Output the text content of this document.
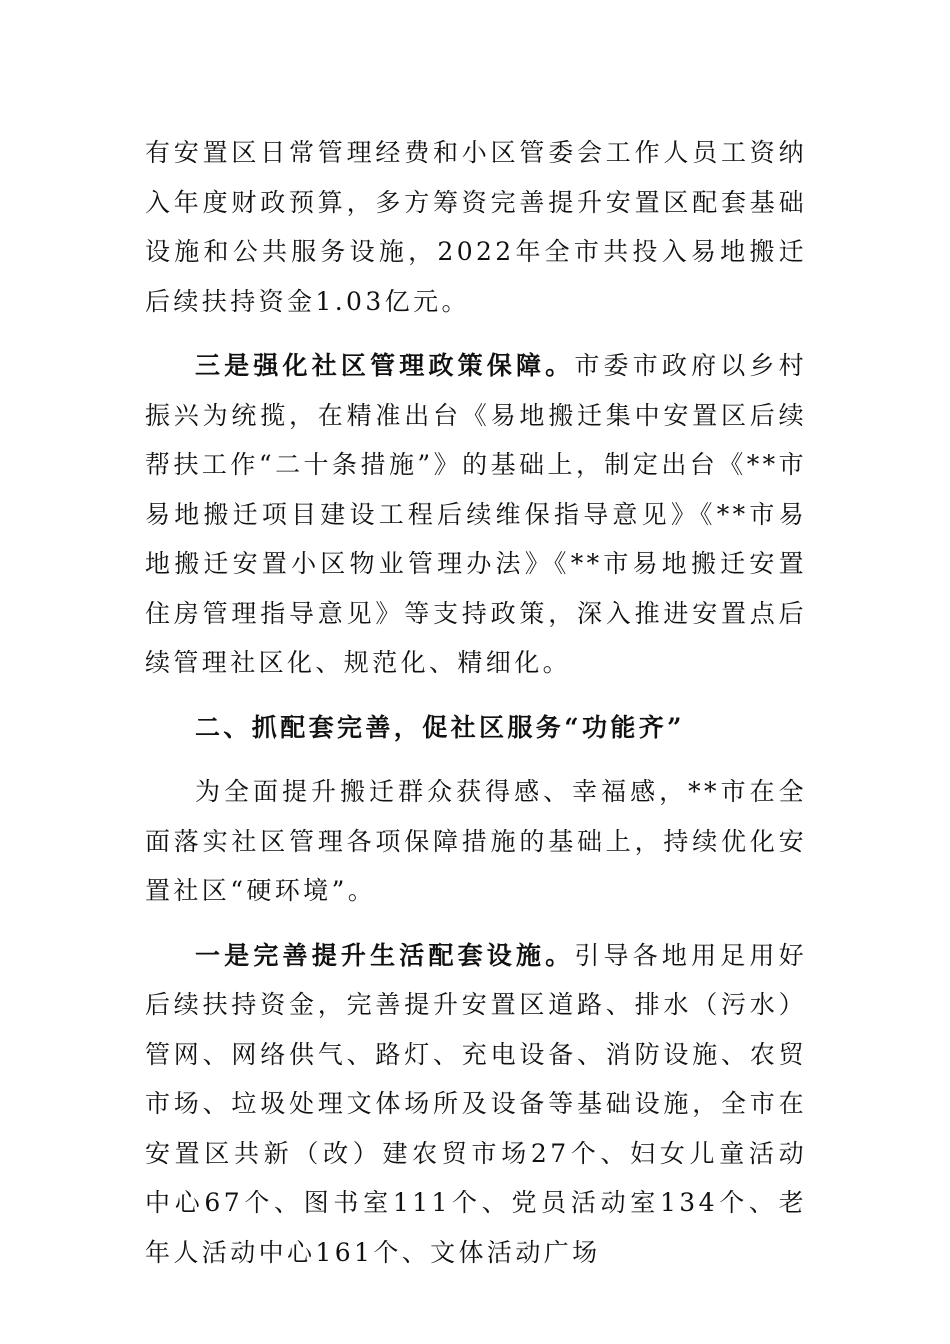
有安置区日常管理经费和小区管委会工作人员工资纳入年度财政预算，多方筹资完善提升安置区配套基础设施和公共服务设施，2022年全市共投入易地搬迁后续扶持资金1.03亿元。

三是强化社区管理政策保障。市委市政府以乡村振兴为统揽，在精准出台《易地搬迁集中安置区后续帮扶工作“二十条措施”》的基础上，制定出台《**市易地搬迁项目建设工程后续维保指导意见》《**市易地搬迁安置小区物业管理办法》《**市易地搬迁安置住房管理指导意见》等支持政策，深入推进安置点后续管理社区化、规范化、精细化。

二、抓配套完善，促社区服务“功能齐”

为全面提升搬迁群众获得感、幸福感，**市在全面落实社区管理各项保障措施的基础上，持续优化安置社区“硬环境”。

一是完善提升生活配套设施。引导各地用足用好后续扶持资金，完善提升安置区道路、排水（污水）管网、网络供气、路灯、充电设备、消防设施、农贸市场、垃圾处理文体场所及设备等基础设施，全市在安置区共新（改）建农贸市场27个、妇女儿童活动中心67个、图书室111个、党员活动室134个、老年人活动中心161个、文体活动广场
